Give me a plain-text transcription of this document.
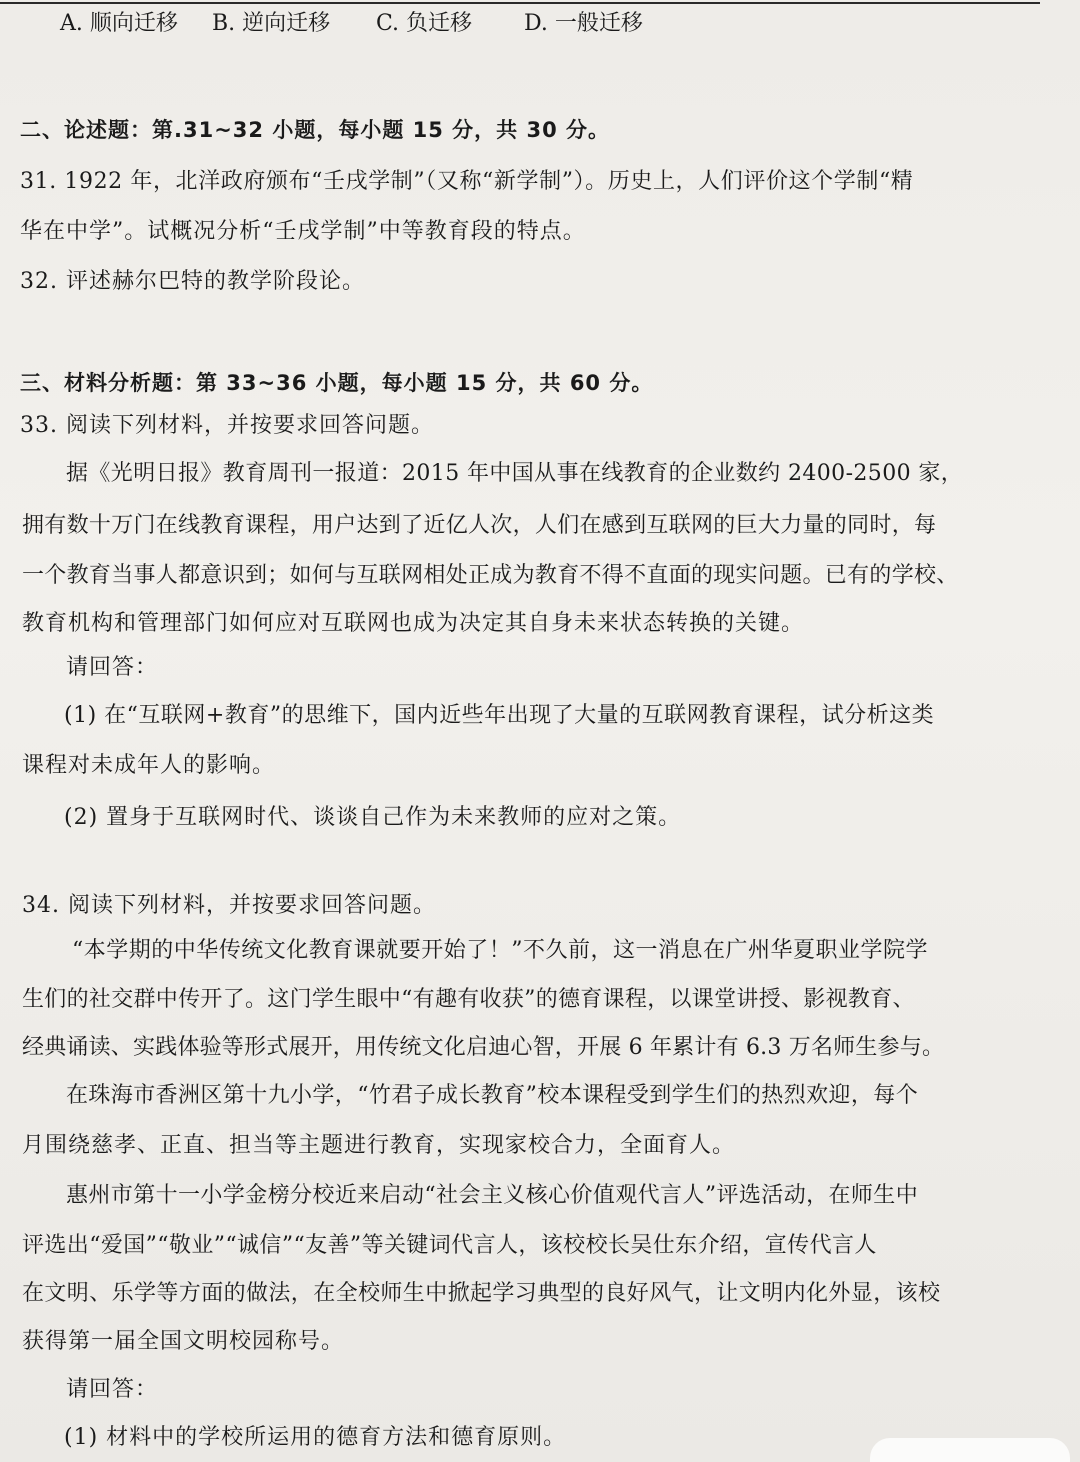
A. 顺向迁移 B. 逆向迁移 C. 负迁移 D. 一般迁移
二、论述题：第.31~32 小题，每小题 15 分，共 30 分。
31. 1922 年，北洋政府颁布“壬戌学制”（又称“新学制”）。历史上，人们评价这个学制“精
华在中学”。试概况分析“壬戌学制”中等教育段的特点。
32. 评述赫尔巴特的教学阶段论。
三、材料分析题：第 33~36 小题，每小题 15 分，共 60 分。
33. 阅读下列材料，并按要求回答问题。
据《光明日报》教育周刊一报道：2015 年中国从事在线教育的企业数约 2400-2500 家，
拥有数十万门在线教育课程，用户达到了近亿人次，人们在感到互联网的巨大力量的同时，每
一个教育当事人都意识到；如何与互联网相处正成为教育不得不直面的现实问题。已有的学校、
教育机构和管理部门如何应对互联网也成为决定其自身未来状态转换的关键。
请回答：
(1) 在“互联网+教育”的思维下，国内近些年出现了大量的互联网教育课程，试分析这类
课程对未成年人的影响。
(2) 置身于互联网时代、谈谈自己作为未来教师的应对之策。
34. 阅读下列材料，并按要求回答问题。
“本学期的中华传统文化教育课就要开始了！”不久前，这一消息在广州华夏职业学院学
生们的社交群中传开了。这门学生眼中“有趣有收获”的德育课程，以课堂讲授、影视教育、
经典诵读、实践体验等形式展开，用传统文化启迪心智，开展 6 年累计有 6.3 万名师生参与。
在珠海市香洲区第十九小学，“竹君子成长教育”校本课程受到学生们的热烈欢迎，每个
月围绕慈孝、正直、担当等主题进行教育，实现家校合力，全面育人。
惠州市第十一小学金榜分校近来启动“社会主义核心价值观代言人”评选活动，在师生中
评选出“爱国”“敬业”“诚信”“友善”等关键词代言人，该校校长吴仕东介绍，宣传代言人
在文明、乐学等方面的做法，在全校师生中掀起学习典型的良好风气，让文明内化外显，该校
获得第一届全国文明校园称号。
请回答：
(1) 材料中的学校所运用的德育方法和德育原则。
